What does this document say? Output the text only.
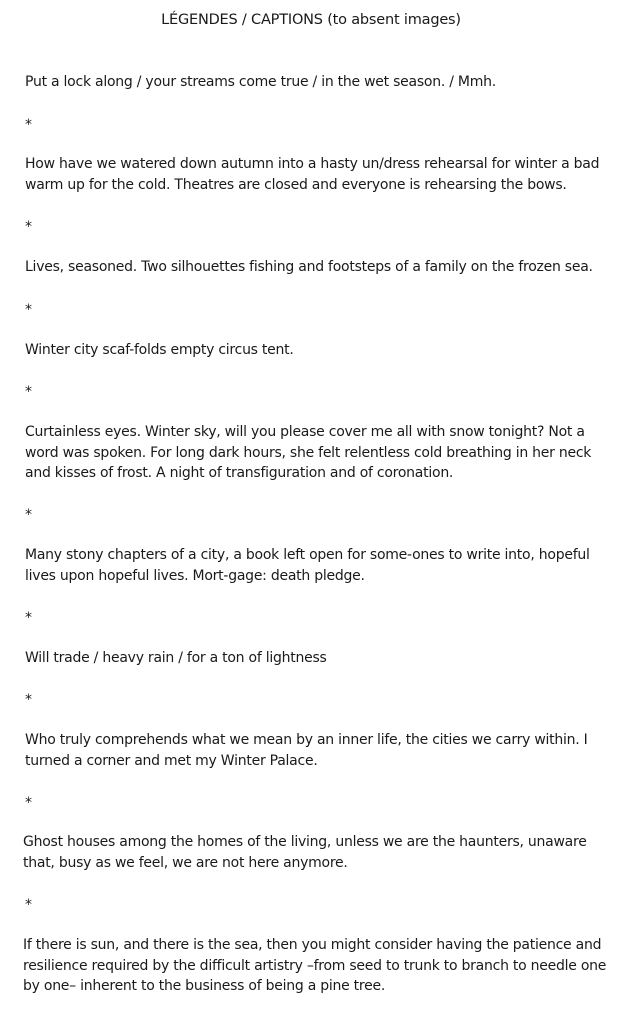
LÉGENDES / CAPTIONS (to absent images)

Put a lock along / your streams come true / in the wet season. / Mmh.

*

How have we watered down autumn into a hasty un/dress rehearsal for winter a bad warm up for the cold. Theatres are closed and everyone is rehearsing the bows.

*

Lives, seasoned. Two silhouettes fishing and footsteps of a family on the frozen sea.

*

Winter city scaf-folds empty circus tent.

*

Curtainless eyes. Winter sky, will you please cover me all with snow tonight? Not a word was spoken. For long dark hours, she felt relentless cold breathing in her neck and kisses of frost. A night of transfiguration and of coronation.

*

Many stony chapters of a city, a book left open for some-ones to write into, hopeful lives upon hopeful lives. Mort-gage: death pledge.

*

Will trade / heavy rain / for a ton of lightness

*

Who truly comprehends what we mean by an inner life, the cities we carry within. I turned a corner and met my Winter Palace.

*

Ghost houses among the homes of the living, unless we are the haunters, unaware that, busy as we feel, we are not here anymore.

*

If there is sun, and there is the sea, then you might consider having the patience and resilience required by the difficult artistry –from seed to trunk to branch to needle one by one– inherent to the business of being a pine tree.
